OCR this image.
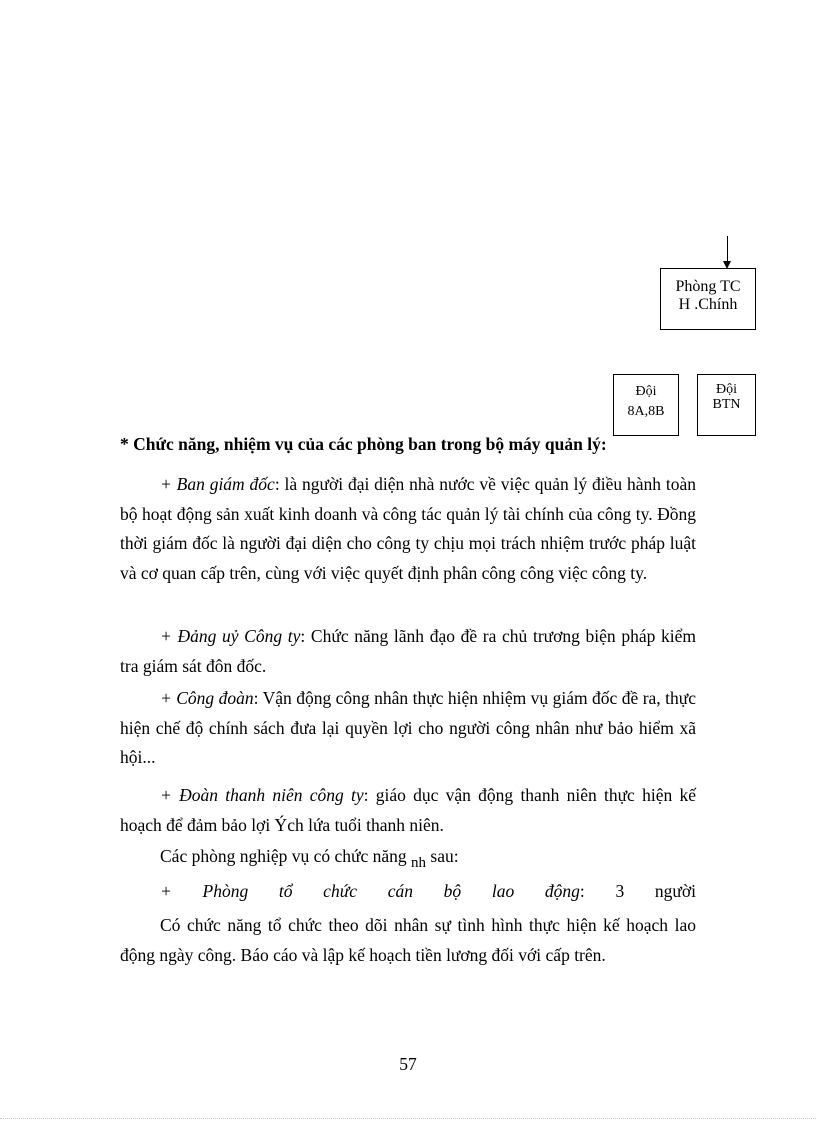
Phòng TC
H .Chính
Đội
8A,8B
Đội
BTN
* Chức năng, nhiệm vụ của các phòng ban trong bộ máy quản lý:
+ Ban giám đốc: là người đại diện nhà nước về việc quản lý điều hành toàn bộ hoạt động sản xuất kinh doanh và công tác quản lý tài chính của công ty. Đồng thời giám đốc là người đại diện cho công ty chịu mọi trách nhiệm trước pháp luật và cơ quan cấp trên, cùng với việc quyết định phân công công việc công ty.
+ Đảng uỷ Công ty: Chức năng lãnh đạo đề ra chủ trương biện pháp kiểm tra giám sát đôn đốc.
+ Công đoàn: Vận động công nhân thực hiện nhiệm vụ giám đốc đề ra, thực hiện chế độ chính sách đưa lại quyền lợi cho người công nhân như bảo hiểm xã hội...
+ Đoàn thanh niên công ty: giáo dục vận động thanh niên thực hiện kế hoạch để đảm bảo lợi Ých lứa tuổi thanh niên.
Các phòng nghiệp vụ có chức năng nh sau:
+ Phòng tổ chức cán bộ lao động: 3 người
Có chức năng tổ chức theo dõi nhân sự tình hình thực hiện kế hoạch lao động ngày công. Báo cáo và lập kế hoạch tiền lương đối với cấp trên.
57
